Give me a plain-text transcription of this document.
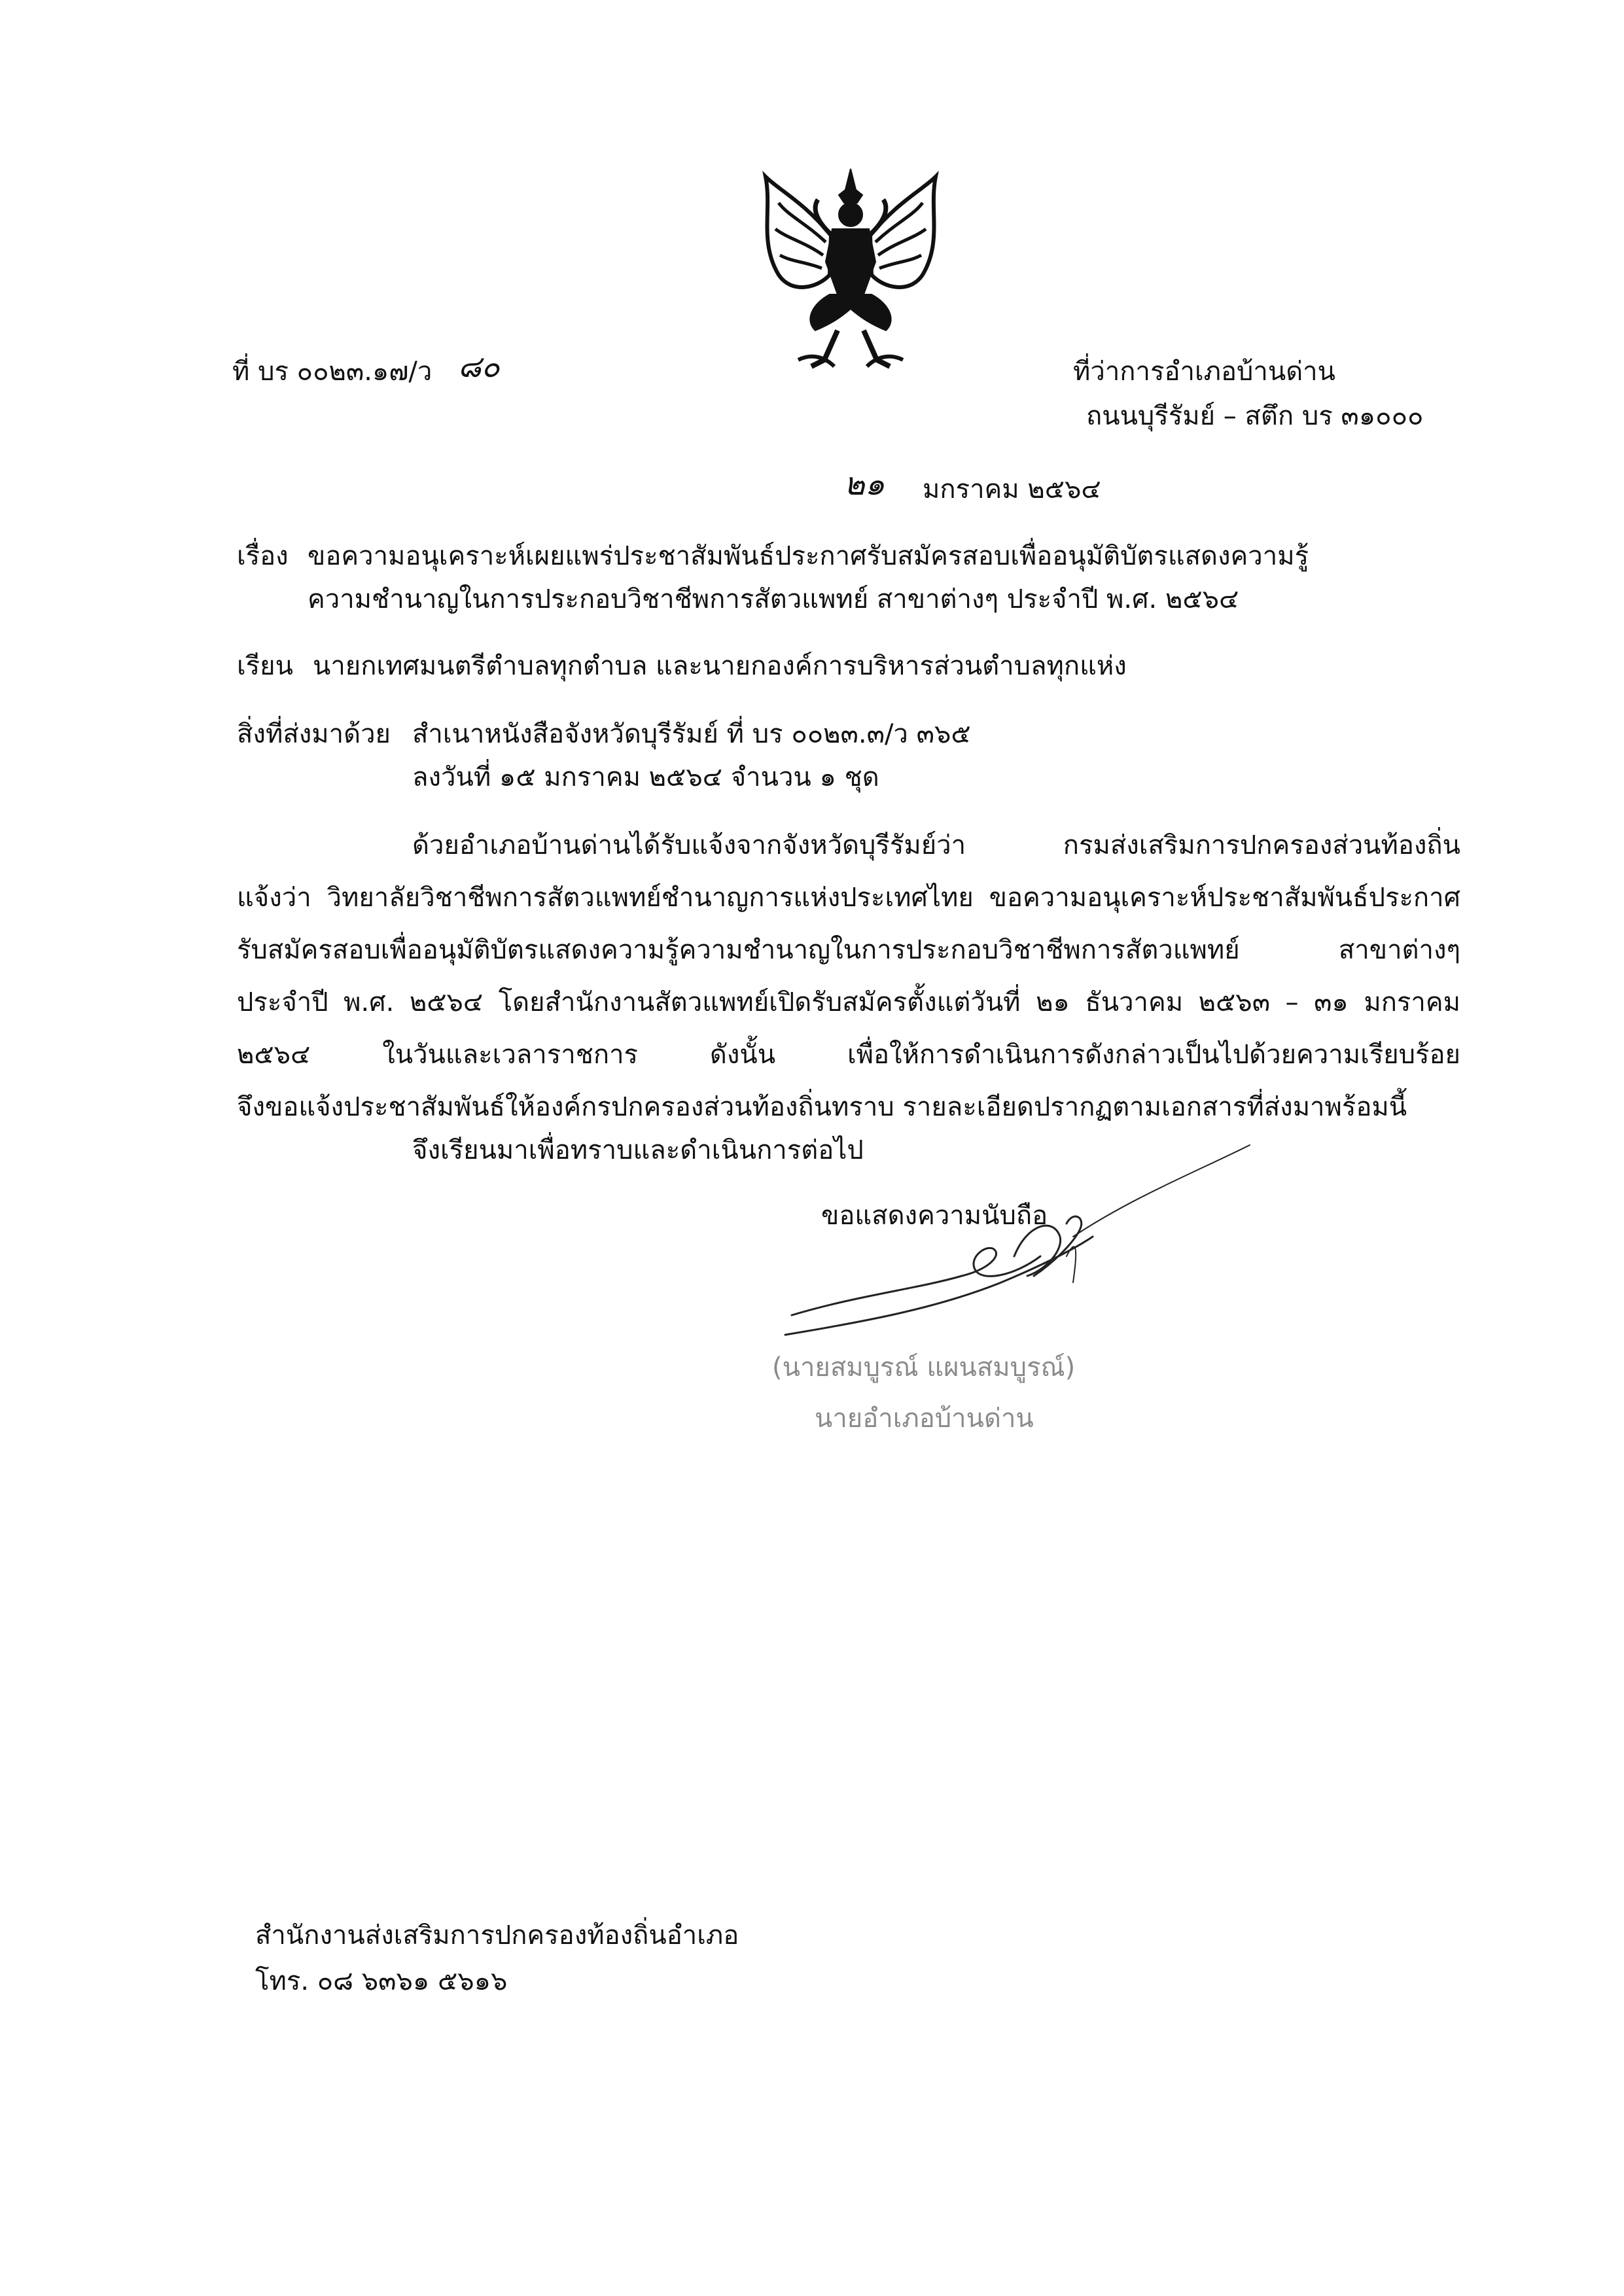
ที่ บร ๐๐๒๓.๑๗/ว ๘๐	ที่ว่าการอำเภอบ้านด่าน
ถนนบุรีรัมย์ – สตึก บร ๓๑๐๐๐
๒๑ มกราคม ๒๕๖๔
เรื่อง ขอความอนุเคราะห์เผยแพร่ประชาสัมพันธ์ประกาศรับสมัครสอบเพื่ออนุมัติบัตรแสดงความรู้
ความชำนาญในการประกอบวิชาชีพการสัตวแพทย์ สาขาต่างๆ ประจำปี พ.ศ. ๒๕๖๔
เรียน นายกเทศมนตรีตำบลทุกตำบล และนายกองค์การบริหารส่วนตำบลทุกแห่ง
สิ่งที่ส่งมาด้วย สำเนาหนังสือจังหวัดบุรีรัมย์ ที่ บร ๐๐๒๓.๓/ว ๓๖๕
ลงวันที่ ๑๕ มกราคม ๒๕๖๔ จำนวน ๑ ชุด
ด้วยอำเภอบ้านด่านได้รับแจ้งจากจังหวัดบุรีรัมย์ว่า กรมส่งเสริมการปกครองส่วนท้องถิ่น
แจ้งว่า วิทยาลัยวิชาชีพการสัตวแพทย์ชำนาญการแห่งประเทศไทย ขอความอนุเคราะห์ประชาสัมพันธ์ประกาศ
รับสมัครสอบเพื่ออนุมัติบัตรแสดงความรู้ความชำนาญในการประกอบวิชาชีพการสัตวแพทย์ สาขาต่างๆ
ประจำปี พ.ศ. ๒๕๖๔ โดยสำนักงานสัตวแพทย์เปิดรับสมัครตั้งแต่วันที่ ๒๑ ธันวาคม ๒๕๖๓ – ๓๑ มกราคม
๒๕๖๔ ในวันและเวลาราชการ ดังนั้น เพื่อให้การดำเนินการดังกล่าวเป็นไปด้วยความเรียบร้อย
จึงขอแจ้งประชาสัมพันธ์ให้องค์กรปกครองส่วนท้องถิ่นทราบ รายละเอียดปรากฏตามเอกสารที่ส่งมาพร้อมนี้
จึงเรียนมาเพื่อทราบและดำเนินการต่อไป
ขอแสดงความนับถือ
(นายสมบูรณ์ แผนสมบูรณ์)
นายอำเภอบ้านด่าน
สำนักงานส่งเสริมการปกครองท้องถิ่นอำเภอ
โทร. ๐๘ ๖๓๖๑ ๕๖๑๖
